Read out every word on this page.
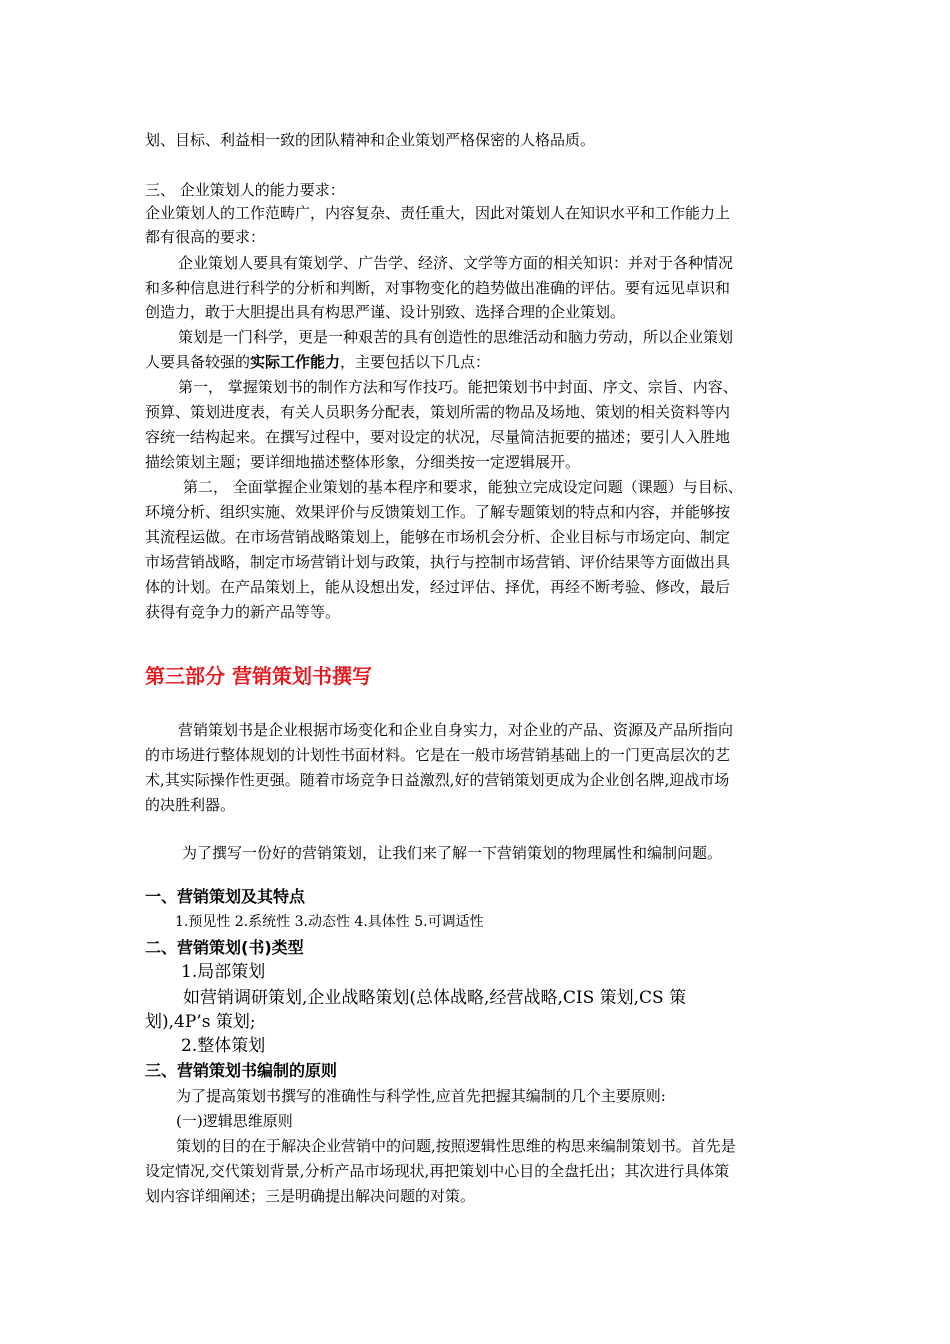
划、目标、利益相一致的团队精神和企业策划严格保密的人格品质。
三、 企业策划人的能力要求：
企业策划人的工作范畴广，内容复杂、责任重大，因此对策划人在知识水平和工作能力上
都有很高的要求：
企业策划人要具有策划学、广告学、经济、文学等方面的相关知识：并对于各种情况
和多种信息进行科学的分析和判断，对事物变化的趋势做出准确的评估。要有远见卓识和
创造力，敢于大胆提出具有构思严谨、设计别致、选择合理的企业策划。
策划是一门科学，更是一种艰苦的具有创造性的思维活动和脑力劳动，所以企业策划
人要具备较强的实际工作能力，主要包括以下几点：
第一， 掌握策划书的制作方法和写作技巧。能把策划书中封面、序文、宗旨、内容、
预算、策划进度表，有关人员职务分配表，策划所需的物品及场地、策划的相关资料等内
容统一结构起来。在撰写过程中，要对设定的状况，尽量简洁扼要的描述；要引人入胜地
描绘策划主题；要详细地描述整体形象，分细类按一定逻辑展开。
第二， 全面掌握企业策划的基本程序和要求，能独立完成设定问题（课题）与目标、
环境分析、组织实施、效果评价与反馈策划工作。了解专题策划的特点和内容，并能够按
其流程运做。在市场营销战略策划上，能够在市场机会分析、企业目标与市场定向、制定
市场营销战略，制定市场营销计划与政策，执行与控制市场营销、评价结果等方面做出具
体的计划。在产品策划上，能从设想出发，经过评估、择优，再经不断考验、修改，最后
获得有竞争力的新产品等等。
第三部分 营销策划书撰写
营销策划书是企业根据市场变化和企业自身实力，对企业的产品、资源及产品所指向
的市场进行整体规划的计划性书面材料。它是在一般市场营销基础上的一门更高层次的艺
术,其实际操作性更强。随着市场竞争日益激烈,好的营销策划更成为企业创名牌,迎战市场
的决胜利器。
为了撰写一份好的营销策划，让我们来了解一下营销策划的物理属性和编制问题。
一、营销策划及其特点
1.预见性 2.系统性 3.动态性 4.具体性 5.可调适性
二、营销策划(书)类型
1.局部策划
如营销调研策划,企业战略策划(总体战略,经营战略,CIS 策划,CS 策
划),4P’s 策划;
2.整体策划
三、营销策划书编制的原则
为了提高策划书撰写的准确性与科学性,应首先把握其编制的几个主要原则:
(一)逻辑思维原则
策划的目的在于解决企业营销中的问题,按照逻辑性思维的构思来编制策划书。首先是
设定情况,交代策划背景,分析产品市场现状,再把策划中心目的全盘托出；其次进行具体策
划内容详细阐述；三是明确提出解决问题的对策。
